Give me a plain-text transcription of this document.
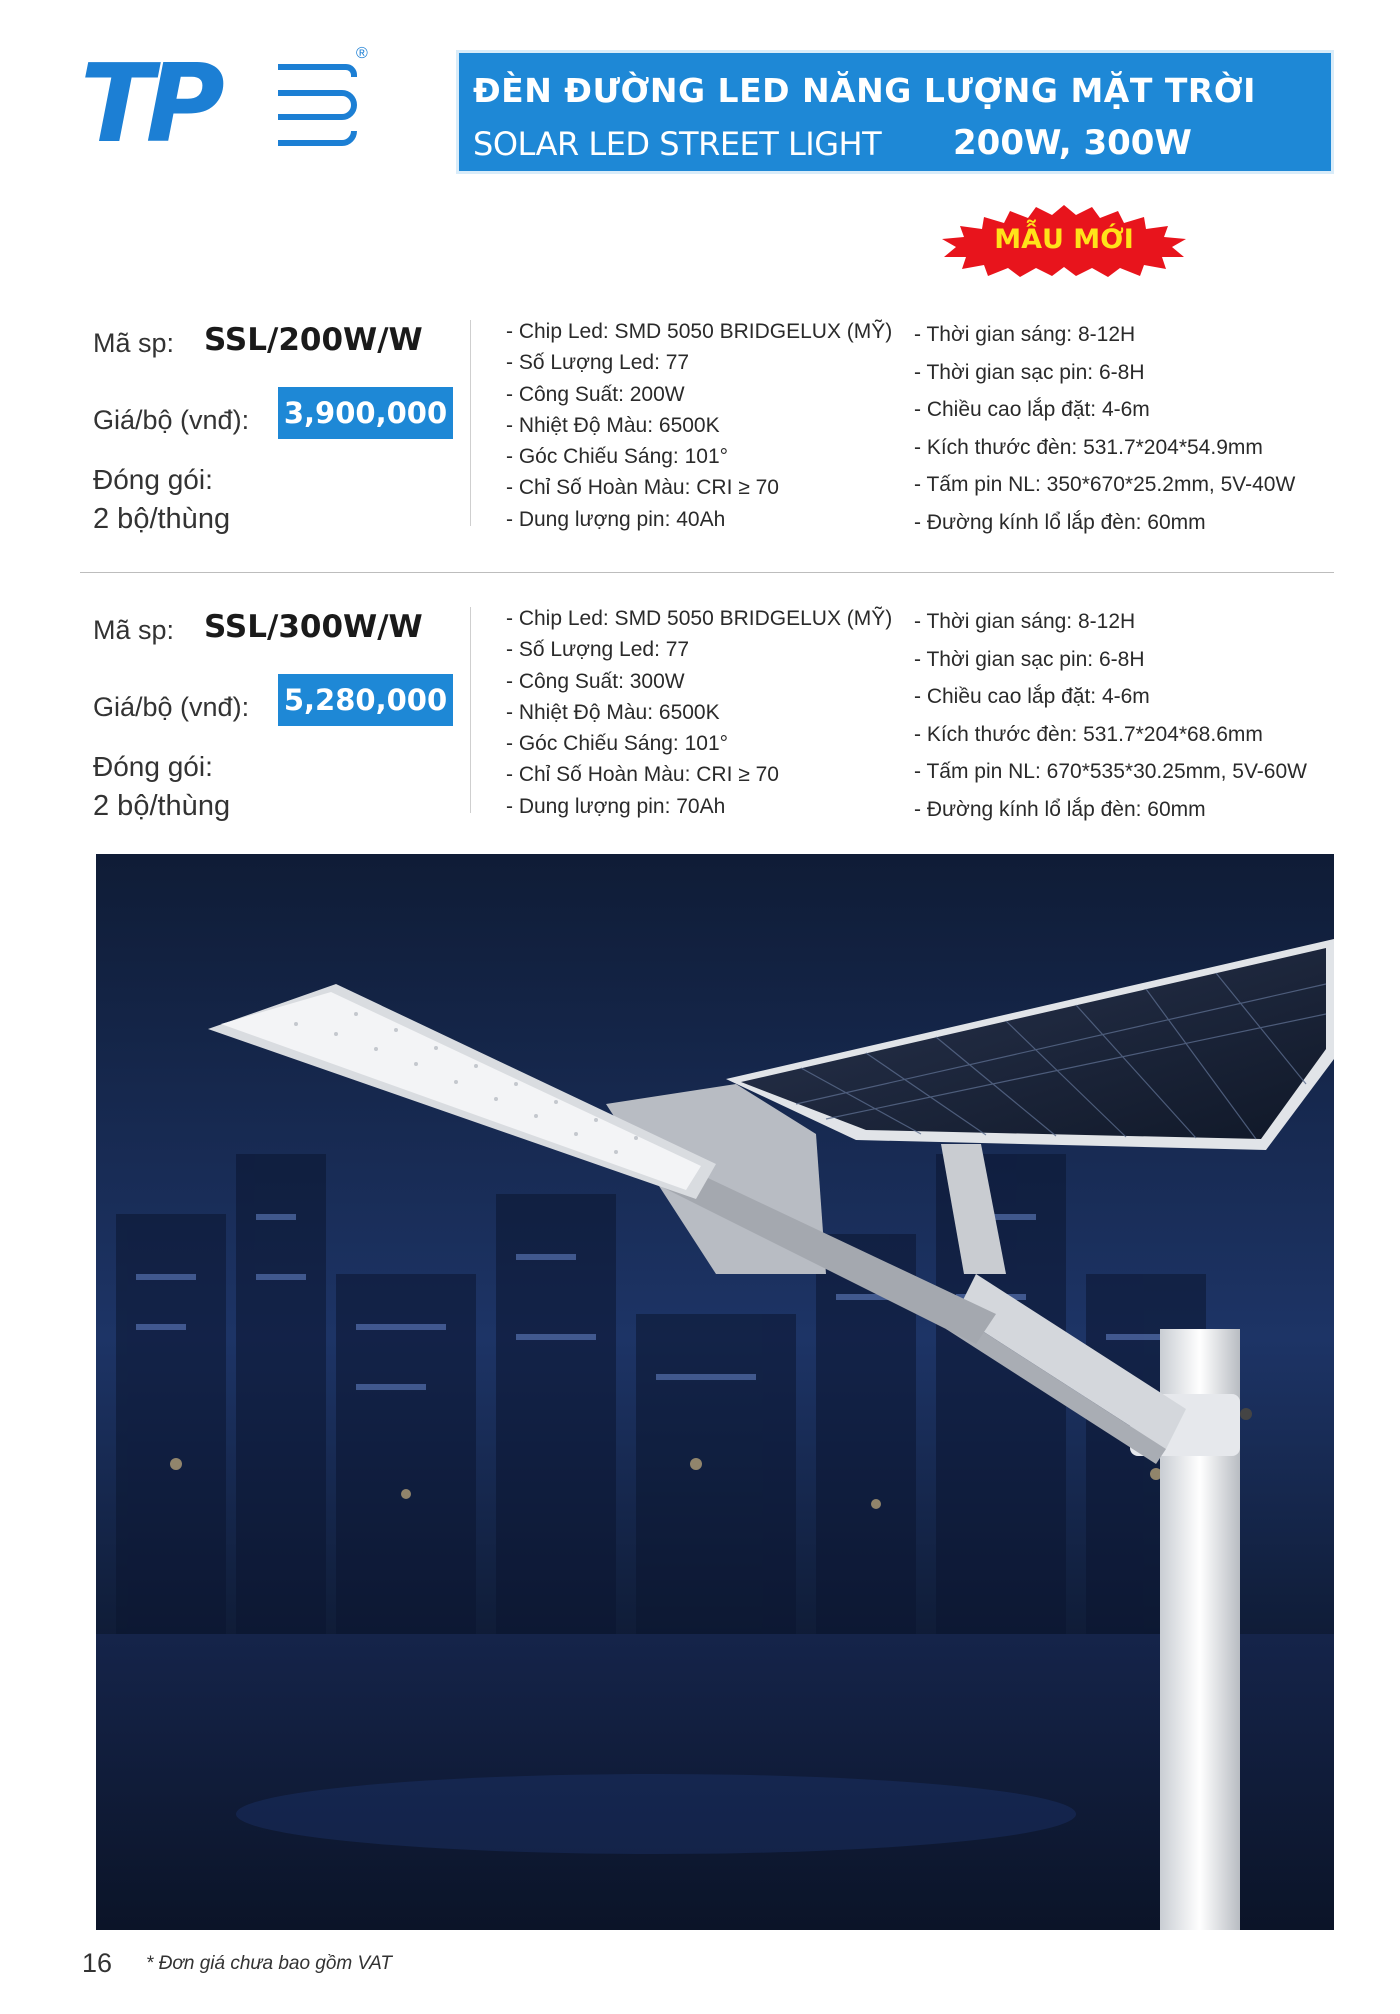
TP	®
ĐÈN ĐƯỜNG LED NĂNG LƯỢNG MẶT TRỜI
SOLAR LED STREET LIGHT 200W, 300W
MẪU MỚI
Mã sp: SSL/200W/W
Giá/bộ (vnđ): 3,900,000
Đóng gói:
2 bộ/thùng
- Chip Led: SMD 5050 BRIDGELUX (MỸ)
- Số Lượng Led: 77
- Công Suất: 200W
- Nhiệt Độ Màu: 6500K
- Góc Chiếu Sáng: 101°
- Chỉ Số Hoàn Màu: CRI ≥ 70
- Dung lượng pin: 40Ah
- Thời gian sáng: 8-12H
- Thời gian sạc pin: 6-8H
- Chiều cao lắp đặt: 4-6m
- Kích thước đèn: 531.7*204*54.9mm
- Tấm pin NL: 350*670*25.2mm, 5V-40W
- Đường kính lổ lắp đèn: 60mm
Mã sp: SSL/300W/W
Giá/bộ (vnđ): 5,280,000
Đóng gói:
2 bộ/thùng
- Chip Led: SMD 5050 BRIDGELUX (MỸ)
- Số Lượng Led: 77
- Công Suất: 300W
- Nhiệt Độ Màu: 6500K
- Góc Chiếu Sáng: 101°
- Chỉ Số Hoàn Màu: CRI ≥ 70
- Dung lượng pin: 70Ah
- Thời gian sáng: 8-12H
- Thời gian sạc pin: 6-8H
- Chiều cao lắp đặt: 4-6m
- Kích thước đèn: 531.7*204*68.6mm
- Tấm pin NL: 670*535*30.25mm, 5V-60W
- Đường kính lổ lắp đèn: 60mm
16 * Đơn giá chưa bao gồm VAT
